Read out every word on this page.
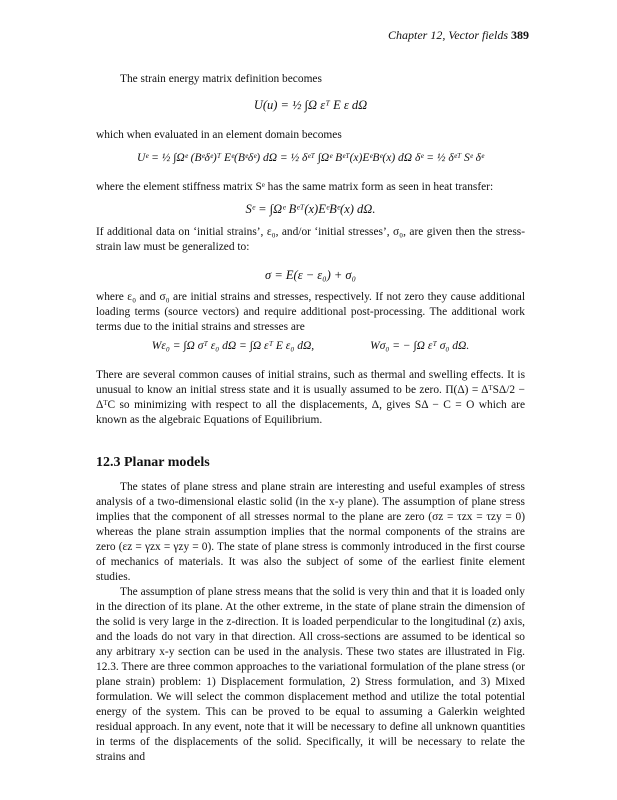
Chapter 12, Vector fields 389

The strain energy matrix definition becomes

U(u) = ½ ∫Ω εᵀ E ε dΩ

which when evaluated in an element domain becomes

Uᵉ = ½ ∫Ωᵉ (Bᵉδᵉ)ᵀ Eᵉ(Bᵉδᵉ) dΩ = ½ δᵉᵀ ∫Ωᵉ Bᵉᵀ(x)EᵉBᵉ(x) dΩ δᵉ = ½ δᵉᵀ Sᵉ δᵉ

where the element stiffness matrix Sᵉ has the same matrix form as seen in heat transfer:

Sᵉ = ∫Ωᵉ Bᵉᵀ(x)EᵉBᵉ(x) dΩ.

If additional data on ‘initial strains’, ε₀, and/or ‘initial stresses’, σ₀, are given then the stress-strain law must be generalized to:

σ = E(ε − ε₀) + σ₀

where ε₀ and σ₀ are initial strains and stresses, respectively. If not zero they cause additional loading terms (source vectors) and require additional post-processing. The additional work terms due to the initial strains and stresses are

Wε₀ = ∫Ω σᵀ ε₀ dΩ = ∫Ω εᵀ E ε₀ dΩ,	Wσ₀ = − ∫Ω εᵀ σ₀ dΩ.

There are several common causes of initial strains, such as thermal and swelling effects. It is unusual to know an initial stress state and it is usually assumed to be zero. Π(Δ) = ΔᵀSΔ/2 − ΔᵀC so minimizing with respect to all the displacements, Δ, gives SΔ − C = O which are known as the algebraic Equations of Equilibrium.

12.3 Planar models

The states of plane stress and plane strain are interesting and useful examples of stress analysis of a two-dimensional elastic solid (in the x-y plane). The assumption of plane stress implies that the component of all stresses normal to the plane are zero (σz = τzx = τzy = 0) whereas the plane strain assumption implies that the normal components of the strains are zero (εz = γzx = γzy = 0). The state of plane stress is commonly introduced in the first course of mechanics of materials. It was also the subject of some of the earliest finite element studies.

The assumption of plane stress means that the solid is very thin and that it is loaded only in the direction of its plane. At the other extreme, in the state of plane strain the dimension of the solid is very large in the z-direction. It is loaded perpendicular to the longitudinal (z) axis, and the loads do not vary in that direction. All cross-sections are assumed to be identical so any arbitrary x-y section can be used in the analysis. These two states are illustrated in Fig. 12.3. There are three common approaches to the variational formulation of the plane stress (or plane strain) problem: 1) Displacement formulation, 2) Stress formulation, and 3) Mixed formulation. We will select the common displacement method and utilize the total potential energy of the system. This can be proved to be equal to assuming a Galerkin weighted residual approach. In any event, note that it will be necessary to define all unknown quantities in terms of the displacements of the solid. Specifically, it will be necessary to relate the strains and
